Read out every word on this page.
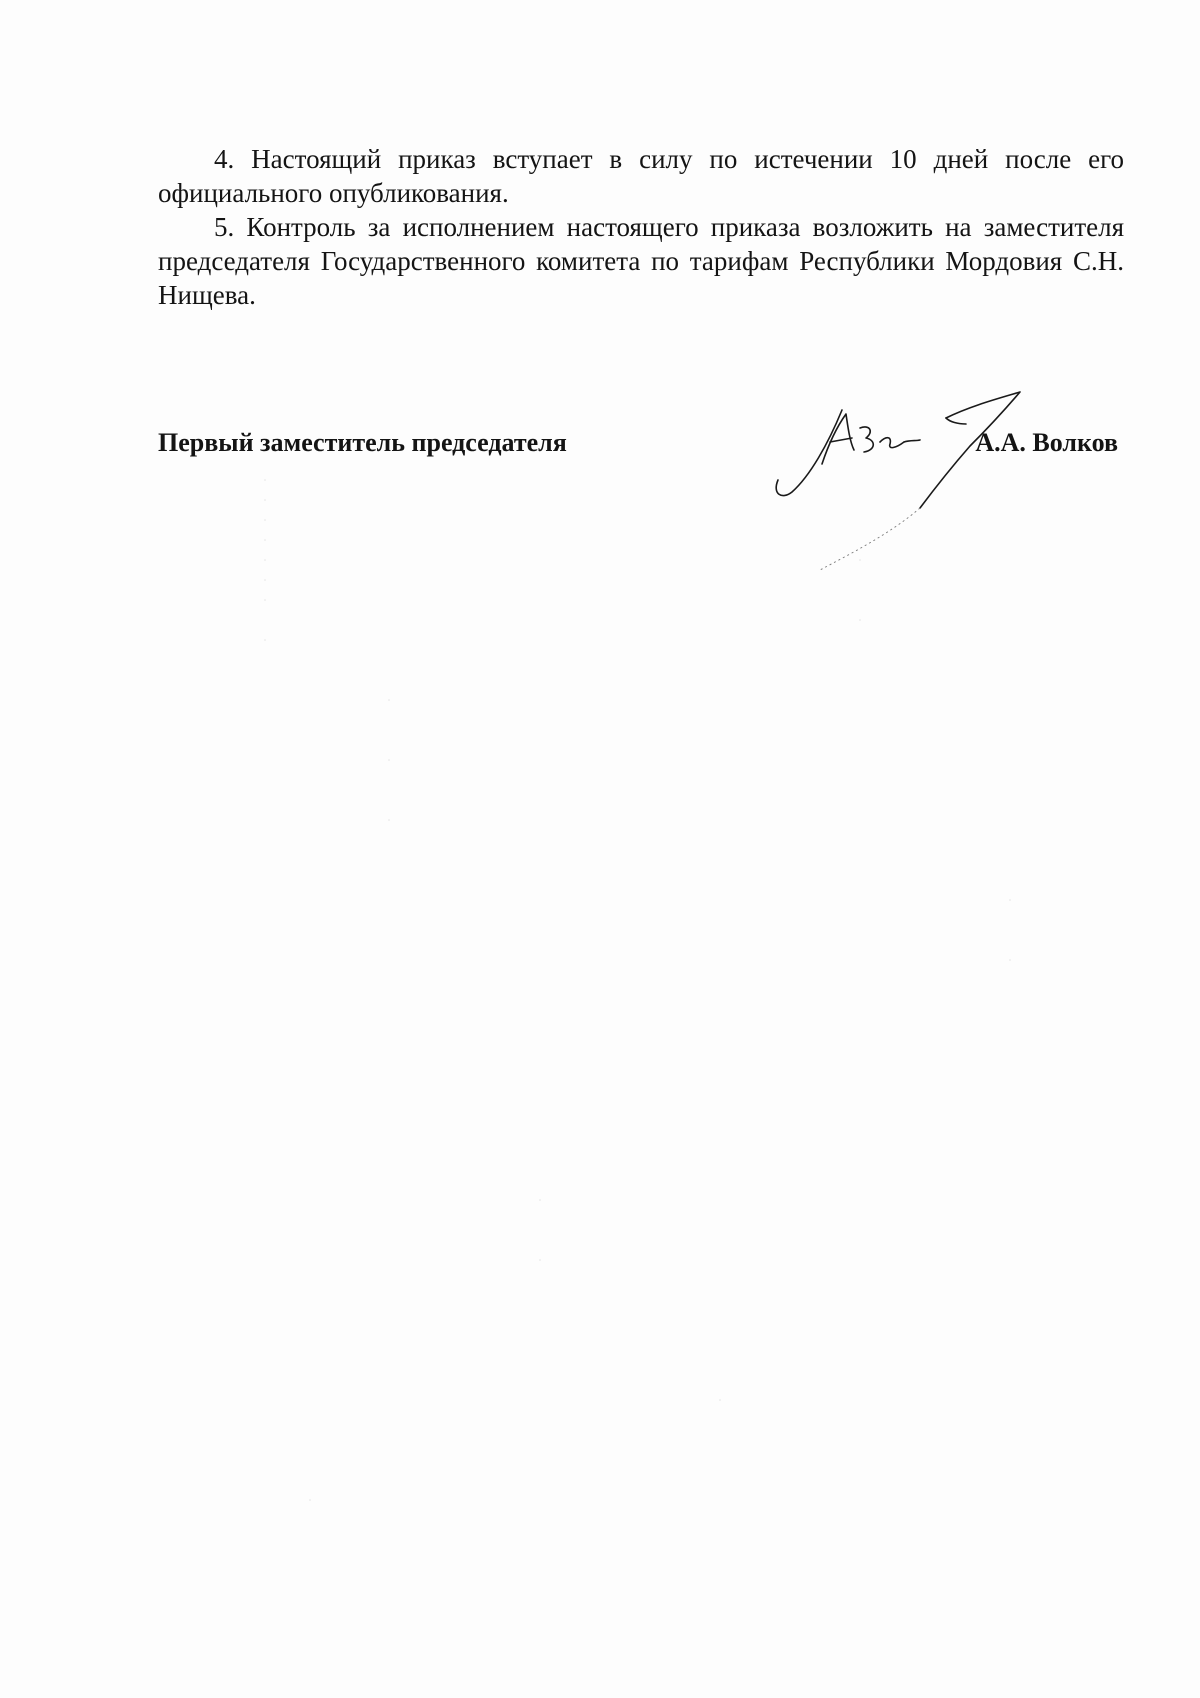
4. Настоящий приказ вступает в силу по истечении 10 дней после его официального опубликования.

5. Контроль за исполнением настоящего приказа возложить на заместителя председателя Государственного комитета по тарифам Республики Мордовия С.Н. Нищева.

Первый заместитель председателя	А.А. Волков
